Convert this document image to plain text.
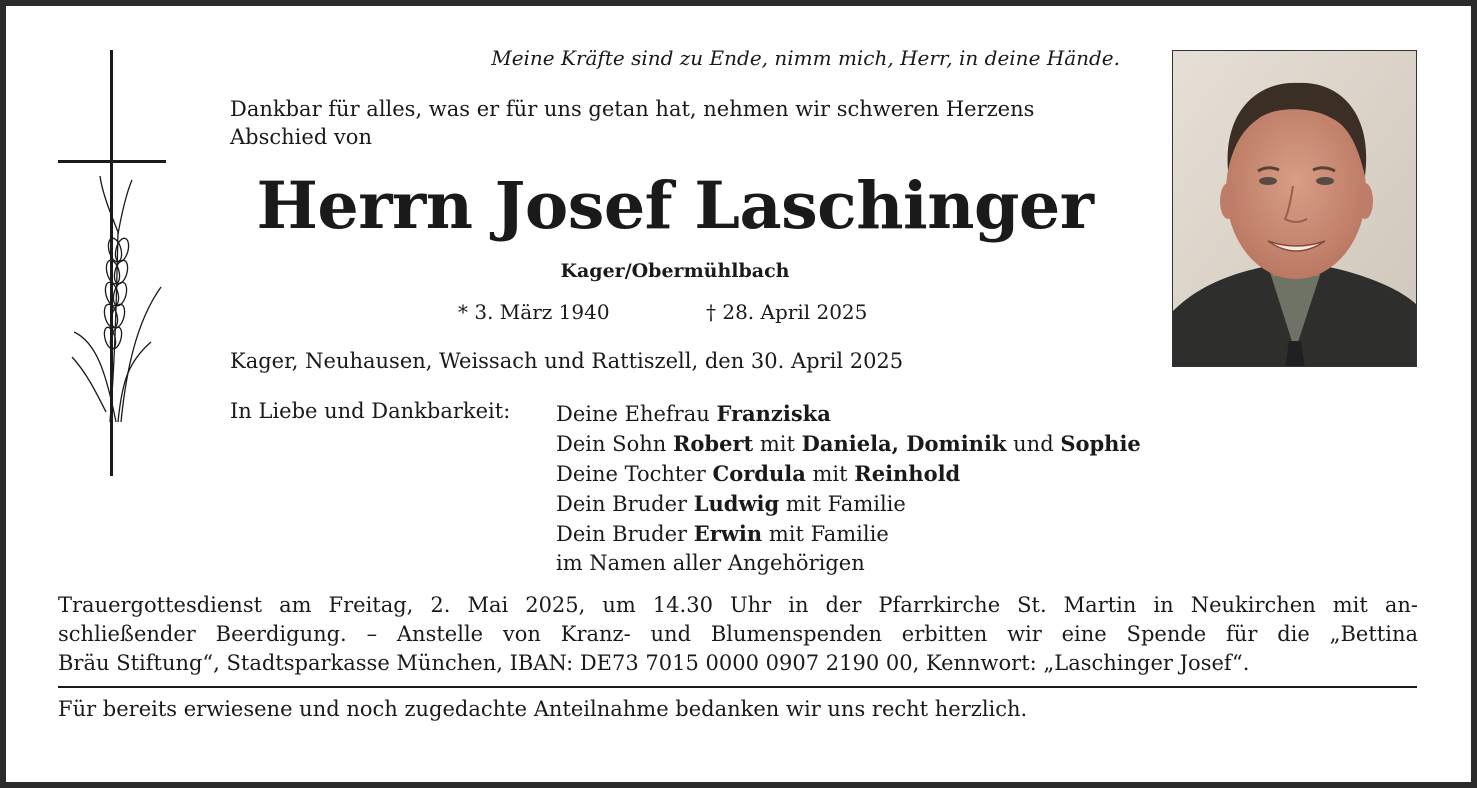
Meine Kräfte sind zu Ende, nimm mich, Herr, in deine Hände.
Dankbar für alles, was er für uns getan hat, nehmen wir schweren Herzens
Abschied von
Herrn Josef Laschinger
Kager/Obermühlbach
* 3. März 1940	† 28. April 2025
Kager, Neuhausen, Weissach und Rattiszell, den 30. April 2025
In Liebe und Dankbarkeit: Deine Ehefrau Franziska
Dein Sohn Robert mit Daniela, Dominik und Sophie
Deine Tochter Cordula mit Reinhold
Dein Bruder Ludwig mit Familie
Dein Bruder Erwin mit Familie
im Namen aller Angehörigen
Trauergottesdienst am Freitag, 2. Mai 2025, um 14.30 Uhr in der Pfarrkirche St. Martin in Neukirchen mit an-
schließender Beerdigung. – Anstelle von Kranz- und Blumenspenden erbitten wir eine Spende für die „Bettina
Bräu Stiftung“, Stadtsparkasse München, IBAN: DE73 7015 0000 0907 2190 00, Kennwort: „Laschinger Josef“.
Für bereits erwiesene und noch zugedachte Anteilnahme bedanken wir uns recht herzlich.
